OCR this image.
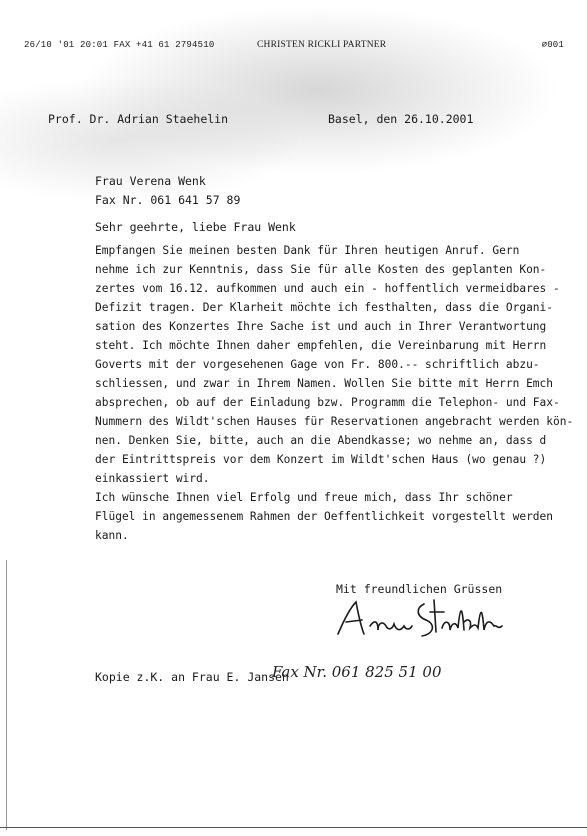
26/10 '01 20:01 FAX +41 61 2794510	CHRISTEN RICKLI PARTNER	∅001
Prof. Dr. Adrian Staehelin	Basel, den 26.10.2001
Frau Verena Wenk
Fax Nr. 061 641 57 89
Sehr geehrte, liebe Frau Wenk
Empfangen Sie meinen besten Dank für Ihren heutigen Anruf. Gern
nehme ich zur Kenntnis, dass Sie für alle Kosten des geplanten Kon-
zertes vom 16.12. aufkommen und auch ein - hoffentlich vermeidbares -
Defizit tragen. Der Klarheit möchte ich festhalten, dass die Organi-
sation des Konzertes Ihre Sache ist und auch in Ihrer Verantwortung
steht. Ich möchte Ihnen daher empfehlen, die Vereinbarung mit Herrn
Goverts mit der vorgesehenen Gage von Fr. 800.-- schriftlich abzu-
schliessen, und zwar in Ihrem Namen. Wollen Sie bitte mit Herrn Emch
absprechen, ob auf der Einladung bzw. Programm die Telephon- und Fax-
Nummern des Wildt'schen Hauses für Reservationen angebracht werden kön-
nen. Denken Sie, bitte, auch an die Abendkasse; wo nehme an, dass d
der Eintrittspreis vor dem Konzert im Wildt'schen Haus (wo genau ?)
einkassiert wird.
Ich wünsche Ihnen viel Erfolg und freue mich, dass Ihr schöner
Flügel in angemessenem Rahmen der Oeffentlichkeit vorgestellt werden
kann.
Mit freundlichen Grüssen
Kopie z.K. an Frau E. Jansen
Fax Nr. 061 825 51 00
